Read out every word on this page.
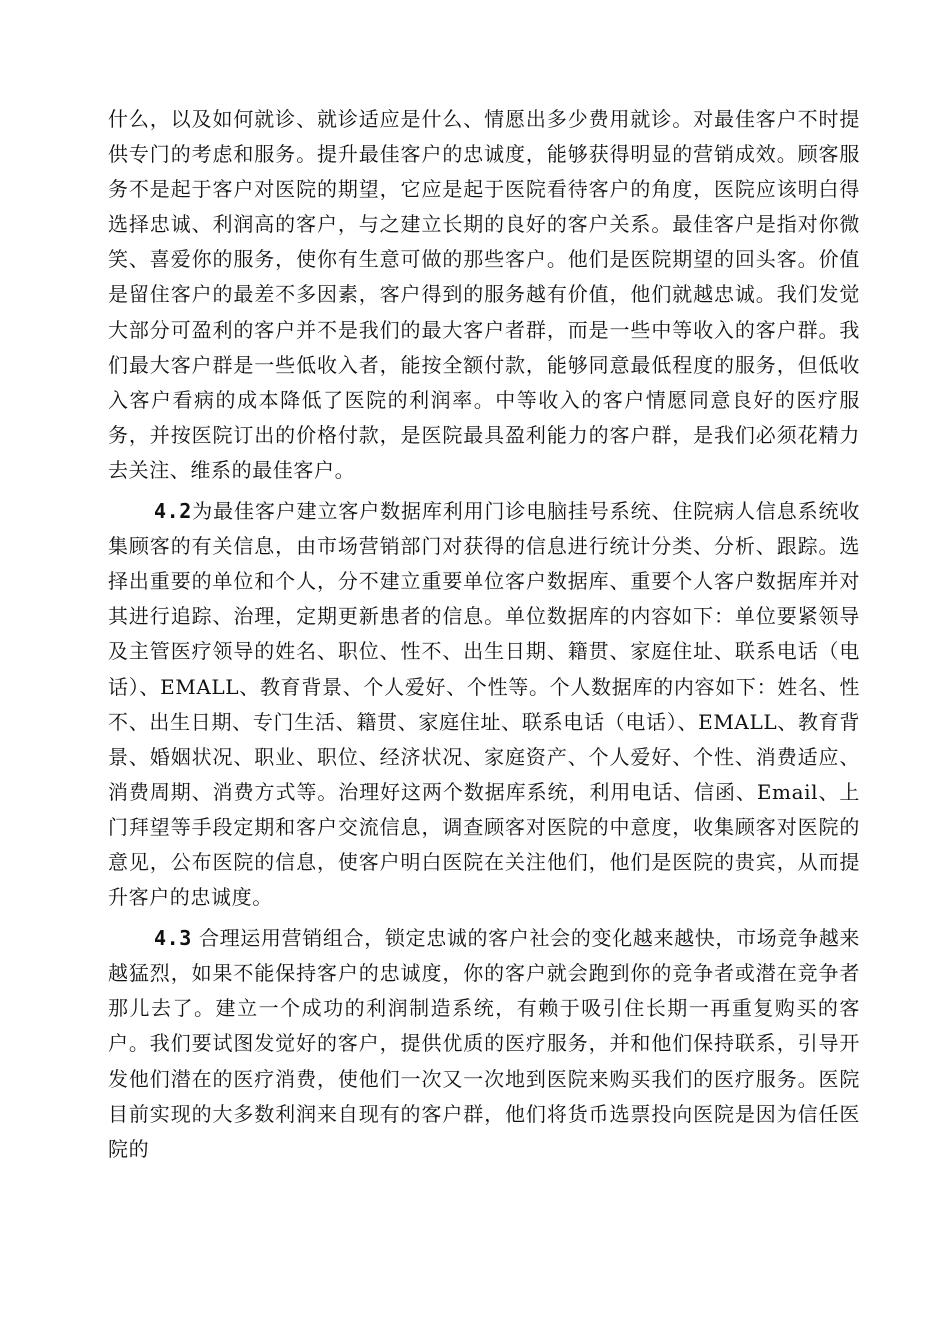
什么，以及如何就诊、就诊适应是什么、情愿出多少费用就诊。对最佳客户不时提供专门的考虑和服务。提升最佳客户的忠诚度，能够获得明显的营销成效。顾客服务不是起于客户对医院的期望，它应是起于医院看待客户的角度，医院应该明白得选择忠诚、利润高的客户，与之建立长期的良好的客户关系。最佳客户是指对你微笑、喜爱你的服务，使你有生意可做的那些客户。他们是医院期望的回头客。价值是留住客户的最差不多因素，客户得到的服务越有价值，他们就越忠诚。我们发觉大部分可盈利的客户并不是我们的最大客户者群，而是一些中等收入的客户群。我们最大客户群是一些低收入者，能按全额付款，能够同意最低程度的服务，但低收入客户看病的成本降低了医院的利润率。中等收入的客户情愿同意良好的医疗服务，并按医院订出的价格付款，是医院最具盈利能力的客户群，是我们必须花精力去关注、维系的最佳客户。

4.2为最佳客户建立客户数据库利用门诊电脑挂号系统、住院病人信息系统收集顾客的有关信息，由市场营销部门对获得的信息进行统计分类、分析、跟踪。选择出重要的单位和个人，分不建立重要单位客户数据库、重要个人客户数据库并对其进行追踪、治理，定期更新患者的信息。单位数据库的内容如下：单位要紧领导及主管医疗领导的姓名、职位、性不、出生日期、籍贯、家庭住址、联系电话（电话）、EMALL、教育背景、个人爱好、个性等。个人数据库的内容如下：姓名、性不、出生日期、专门生活、籍贯、家庭住址、联系电话（电话）、EMALL、教育背景、婚姻状况、职业、职位、经济状况、家庭资产、个人爱好、个性、消费适应、消费周期、消费方式等。治理好这两个数据库系统，利用电话、信函、Email、上门拜望等手段定期和客户交流信息，调查顾客对医院的中意度，收集顾客对医院的意见，公布医院的信息，使客户明白医院在关注他们，他们是医院的贵宾，从而提升客户的忠诚度。

4.3 合理运用营销组合，锁定忠诚的客户社会的变化越来越快，市场竞争越来越猛烈，如果不能保持客户的忠诚度，你的客户就会跑到你的竞争者或潜在竞争者那儿去了。建立一个成功的利润制造系统，有赖于吸引住长期一再重复购买的客户。我们要试图发觉好的客户，提供优质的医疗服务，并和他们保持联系，引导开发他们潜在的医疗消费，使他们一次又一次地到医院来购买我们的医疗服务。医院目前实现的大多数利润来自现有的客户群，他们将货币选票投向医院是因为信任医院的
